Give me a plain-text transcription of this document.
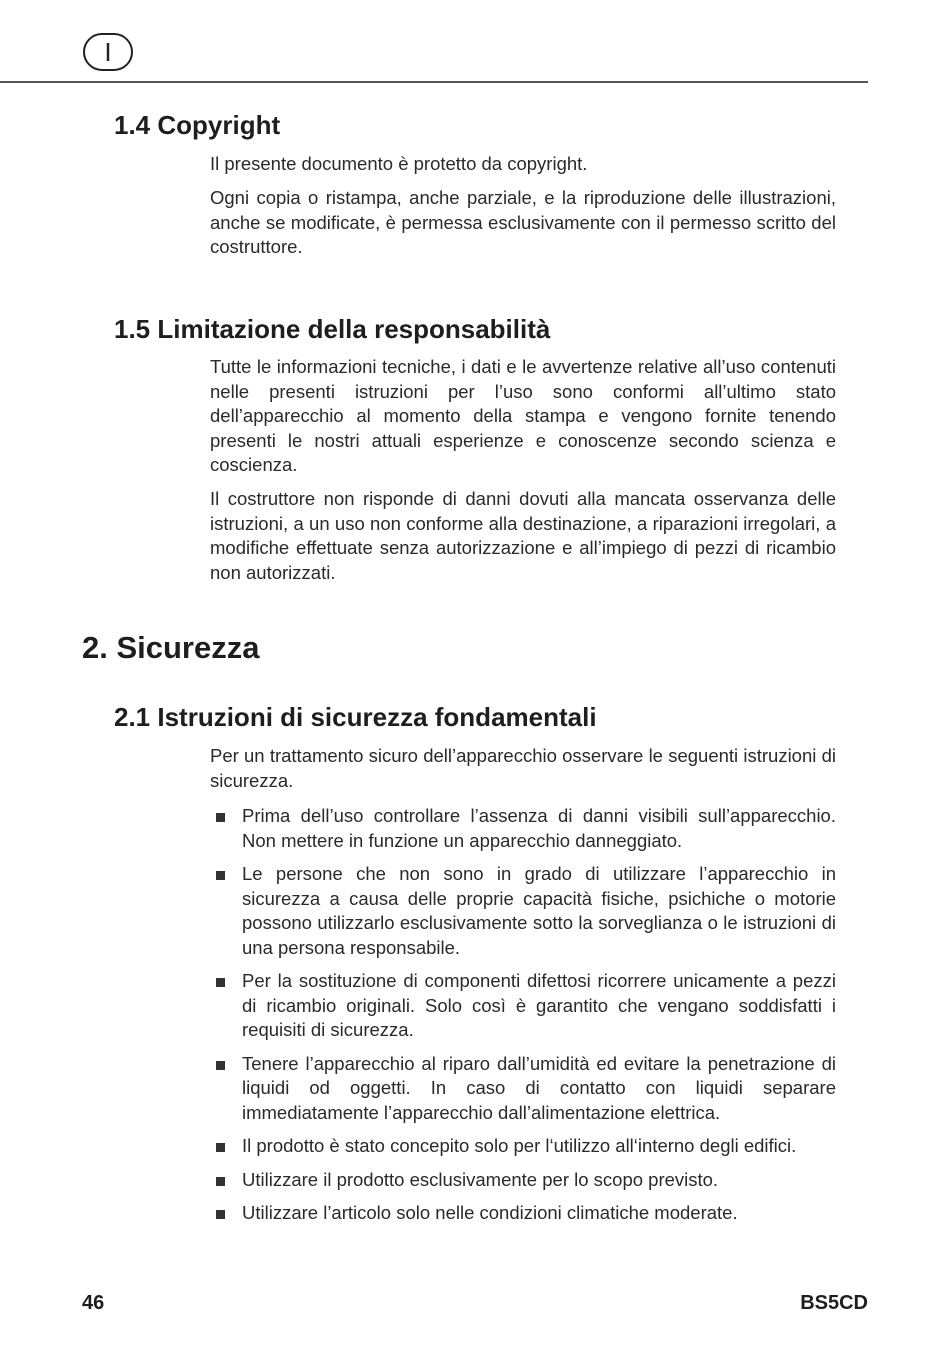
I
1.4 Copyright

Il presente documento è protetto da copyright.

Ogni copia o ristampa, anche parziale, e la riproduzione delle illustrazioni, anche se modificate, è permessa esclusivamente con il permesso scritto del costruttore.

1.5 Limitazione della responsabilità

Tutte le informazioni tecniche, i dati e le avvertenze relative all’uso contenuti nelle presenti istruzioni per l’uso sono conformi all’ultimo stato dell’apparecchio al momento della stampa e vengono fornite tenendo presenti le nostri attuali esperienze e conoscenze secondo scienza e coscienza.

Il costruttore non risponde di danni dovuti alla mancata osservanza delle istruzioni, a un uso non conforme alla destinazione, a riparazioni irregolari, a modifiche effettuate senza autorizzazione e all’impiego di pezzi di ricambio non autorizzati.

2. Sicurezza
2.1 Istruzioni di sicurezza fondamentali

Per un trattamento sicuro dell’apparecchio osservare le seguenti istruzioni di sicurezza.

Prima dell’uso controllare l’assenza di danni visibili sull’apparecchio. Non mettere in funzione un apparecchio danneggiato.
Le persone che non sono in grado di utilizzare l’apparecchio in sicurezza a causa delle proprie capacità fisiche, psichiche o motorie possono utilizzarlo esclusivamente sotto la sorveglianza o le istruzioni di una persona responsabile.
Per la sostituzione di componenti difettosi ricorrere unicamente a pezzi di ricambio originali. Solo così è garantito che vengano soddisfatti i requisiti di sicurezza.
Tenere l’apparecchio al riparo dall’umidità ed evitare la penetrazione di liquidi od oggetti. In caso di contatto con liquidi separare immediatamente l’apparecchio dall’alimentazione elettrica.
Il prodotto è stato concepito solo per l‘utilizzo all‘interno degli edifici.
Utilizzare il prodotto esclusivamente per lo scopo previsto.
Utilizzare l’articolo solo nelle condizioni climatiche moderate.
46	BS5CD
